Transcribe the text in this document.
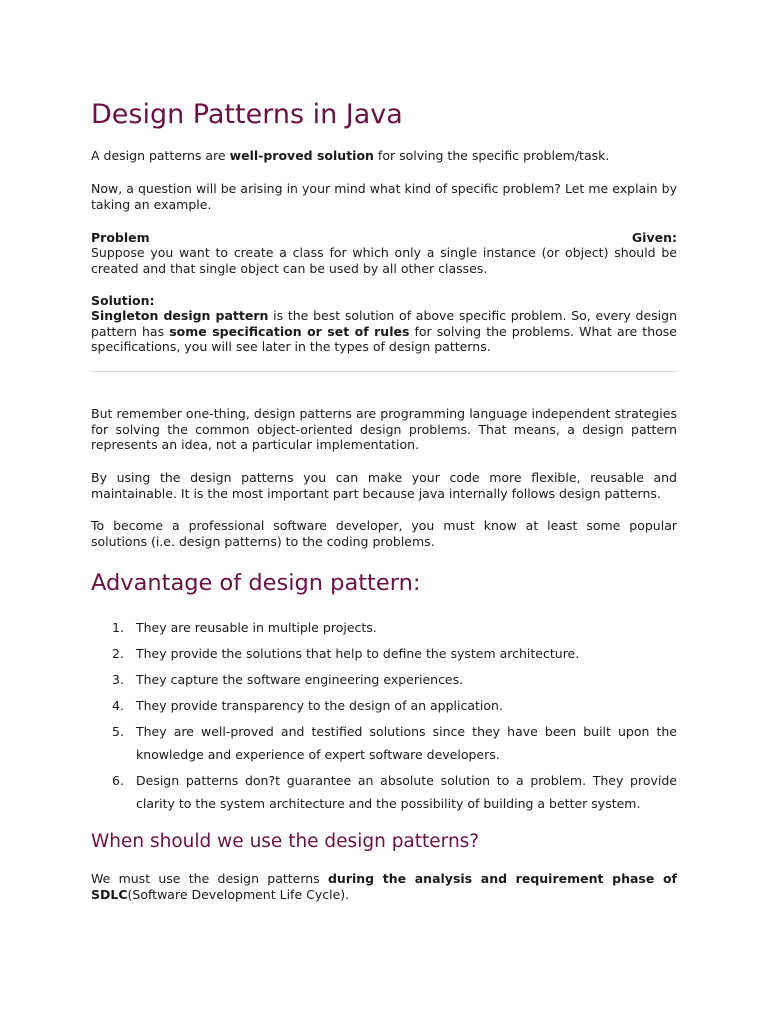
Design Patterns in Java

A design patterns are well-proved solution for solving the specific problem/task.

Now, a question will be arising in your mind what kind of specific problem? Let me explain by taking an example.

Problem	Given:

Suppose you want to create a class for which only a single instance (or object) should be created and that single object can be used by all other classes.

Solution:

Singleton design pattern is the best solution of above specific problem. So, every design pattern has some specification or set of rules for solving the problems. What are those specifications, you will see later in the types of design patterns.

But remember one-thing, design patterns are programming language independent strategies for solving the common object-oriented design problems. That means, a design pattern represents an idea, not a particular implementation.

By using the design patterns you can make your code more flexible, reusable and maintainable. It is the most important part because java internally follows design patterns.

To become a professional software developer, you must know at least some popular solutions (i.e. design patterns) to the coding problems.

Advantage of design pattern:
1. They are reusable in multiple projects.
2. They provide the solutions that help to define the system architecture.
3. They capture the software engineering experiences.
4. They provide transparency to the design of an application.
5. They are well-proved and testified solutions since they have been built upon the knowledge and experience of expert software developers.
6. Design patterns don?t guarantee an absolute solution to a problem. They provide clarity to the system architecture and the possibility of building a better system.
When should we use the design patterns?

We must use the design patterns during the analysis and requirement phase of SDLC(Software Development Life Cycle).
